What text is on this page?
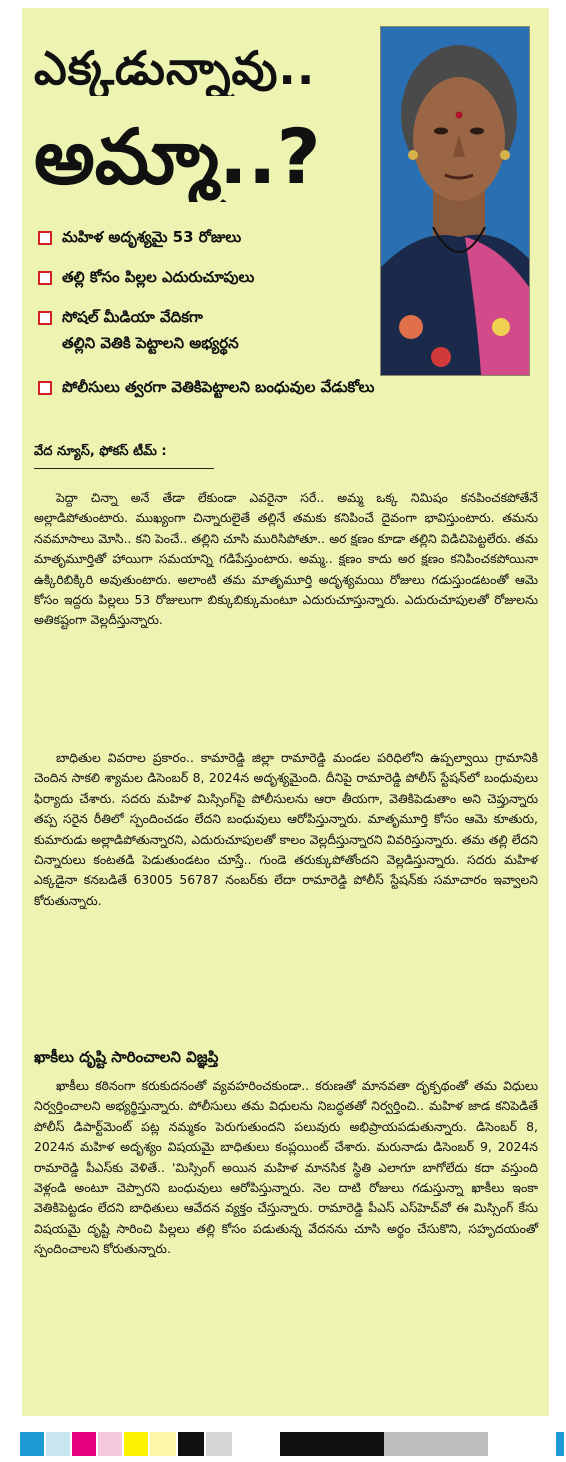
ఎక్కడున్నావు..
అమ్మా..?
మహిళ అదృశ్యమై 53 రోజులు
తల్లి కోసం పిల్లల ఎదురుచూపులు
సోషల్ మీడియా వేదికగా
తల్లిని వెతికి పెట్టాలని అభ్యర్థన
పోలీసులు త్వరగా వెతికిపెట్టాలని బంధువుల వేడుకోలు
వేద న్యూస్, ఫోకస్ టీమ్ :

పెద్దా చిన్నా అనే తేడా లేకుండా ఎవరైనా సరే.. అమ్మ ఒక్క నిమిషం కనపించకపోతేనే అల్లాడిపోతుంటారు. ముఖ్యంగా చిన్నారులైతే తల్లినే తమకు కనిపించే దైవంగా భావిస్తుంటారు. తమను నవమాసాలు మోసి.. కని పెంచే.. తల్లిని చూసి మురిసిపోతూ.. అర క్షణం కూడా తల్లిని విడిచిపెట్టలేరు. తమ మాతృమూర్తితో హాయిగా సమయాన్ని గడిపేస్తుంటారు. అమ్మ.. క్షణం కాదు అర క్షణం కనిపించకపోయినా ఉక్కిరిబిక్కిరి అవుతుంటారు. అలాంటి తమ మాతృమూర్తి అదృశ్యమయి రోజులు గడుస్తుండటంతో ఆమె కోసం ఇద్దరు పిల్లలు 53 రోజులుగా బిక్కుబిక్కుమంటూ ఎదురుచూస్తున్నారు. ఎదురుచూపులతో రోజులను అతికష్టంగా వెల్లదీస్తున్నారు.

బాధితుల వివరాల ప్రకారం.. కామారెడ్డి జిల్లా రామారెడ్డి మండల పరిధిలోని ఉప్పల్వాయి గ్రామానికి చెందిన సాకలి శ్యామల డిసెంబర్ 8, 2024న అదృశ్యమైంది. దీనిపై రామారెడ్డి పోలీస్ స్టేషన్‌లో బంధువులు ఫిర్యాదు చేశారు. సదరు మహిళ మిస్సింగ్‌పై పోలీసులను ఆరా తీయగా, వెతికిపెడుతాం అని చెప్తున్నారు తప్ప సరైన రీతిలో స్పందించడం లేదని బంధువులు ఆరోపిస్తున్నారు. మాతృమూర్తి కోసం ఆమె కూతురు, కుమారుడు అల్లాడిపోతున్నారని, ఎదురుచూపులతో కాలం వెల్లదీస్తున్నారని వివరిస్తున్నారు. తమ తల్లి లేదని చిన్నారులు కంటతడి పెడుతుండటం చూస్తే.. గుండె తరుక్కుపోతోందని వెల్లడిస్తున్నారు. సదరు మహిళ ఎక్కడైనా కనబడితే 63005 56787 నంబర్‌కు లేదా రామారెడ్డి పోలీస్ స్టేషన్‌కు సమాచారం ఇవ్వాలని కోరుతున్నారు.

ఖాకీలు దృష్టి సారించాలని విజ్ఞప్తి

ఖాకీలు కఠినంగా కరుకుదనంతో వ్యవహరించకుండా.. కరుణతో మానవతా దృక్పథంతో తమ విధులు నిర్వర్తించాలని అభ్యర్థిస్తున్నారు. పోలీసులు తమ విధులను నిబద్ధతతో నిర్వర్తించి.. మహిళ జాడ కనిపెడితే పోలీస్ డిపార్ట్‌మెంట్ పట్ల నమ్మకం పెరుగుతుందని పలువురు అభిప్రాయపడుతున్నారు. డిసెంబర్ 8, 2024న మహిళ అదృశ్యం విషయమై బాధితులు కంప్లయింట్ చేశారు. మరునాడు డిసెంబర్ 9, 2024న రామారెడ్డి పీఎస్‌కు వెళితే.. 'మిస్సింగ్ అయిన మహిళ మానసిక స్థితి ఎలాగూ బాగోలేదు కదా వస్తుంది వెళ్లండి అంటూ చెప్పారని బంధువులు ఆరోపిస్తున్నారు. నెల దాటి రోజులు గడుస్తున్నా ఖాకీలు ఇంకా వెతికిపెట్టడం లేదని బాధితులు ఆవేదన వ్యక్తం చేస్తున్నారు. రామారెడ్డి పీఎస్ ఎస్‌హెచ్‌వో ఈ మిస్సింగ్ కేసు విషయమై దృష్టి సారించి పిల్లలు తల్లి కోసం పడుతున్న వేదనను చూసి అర్థం చేసుకొని, సహృదయంతో స్పందించాలని కోరుతున్నారు.
